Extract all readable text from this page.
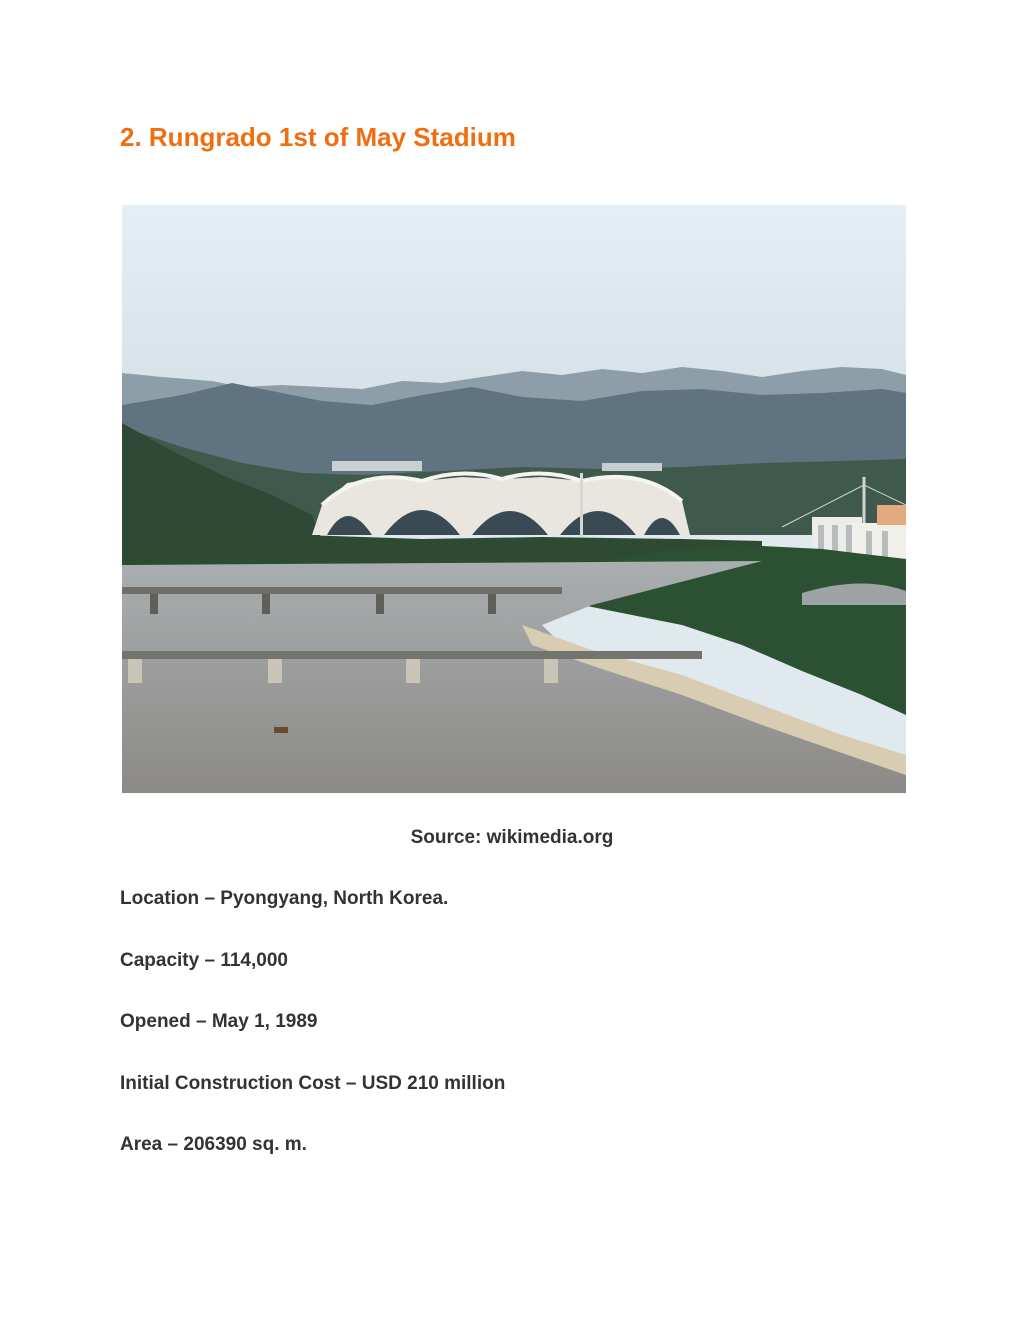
2. Rungrado 1st of May Stadium
Source: wikimedia.org
Location – Pyongyang, North Korea.
Capacity – 114,000
Opened – May 1, 1989
Initial Construction Cost – USD 210 million
Area – 206390 sq. m.
